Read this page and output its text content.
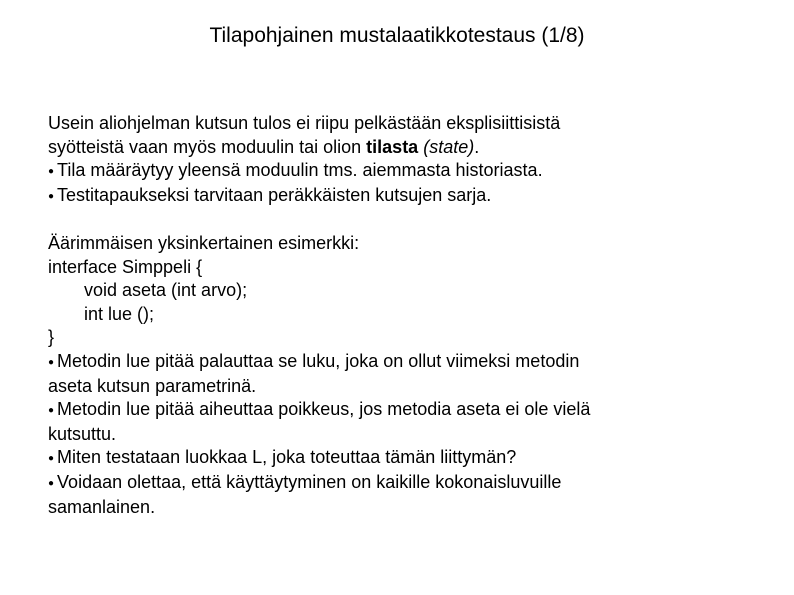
Tilapohjainen mustalaatikkotestaus (1/8)
Usein aliohjelman kutsun tulos ei riipu pelkästään eksplisiittisistä
syötteistä vaan myös moduulin tai olion tilasta (state).
● Tila määräytyy yleensä moduulin tms. aiemmasta historiasta.
● Testitapaukseksi tarvitaan peräkkäisten kutsujen sarja.
Äärimmäisen yksinkertainen esimerkki:
interface Simppeli {
void aseta (int arvo);
int lue ();
}
● Metodin lue pitää palauttaa se luku, joka on ollut viimeksi metodin
aseta kutsun parametrinä.
● Metodin lue pitää aiheuttaa poikkeus, jos metodia aseta ei ole vielä
kutsuttu.
● Miten testataan luokkaa L, joka toteuttaa tämän liittymän?
● Voidaan olettaa, että käyttäytyminen on kaikille kokonaisluvuille
samanlainen.
